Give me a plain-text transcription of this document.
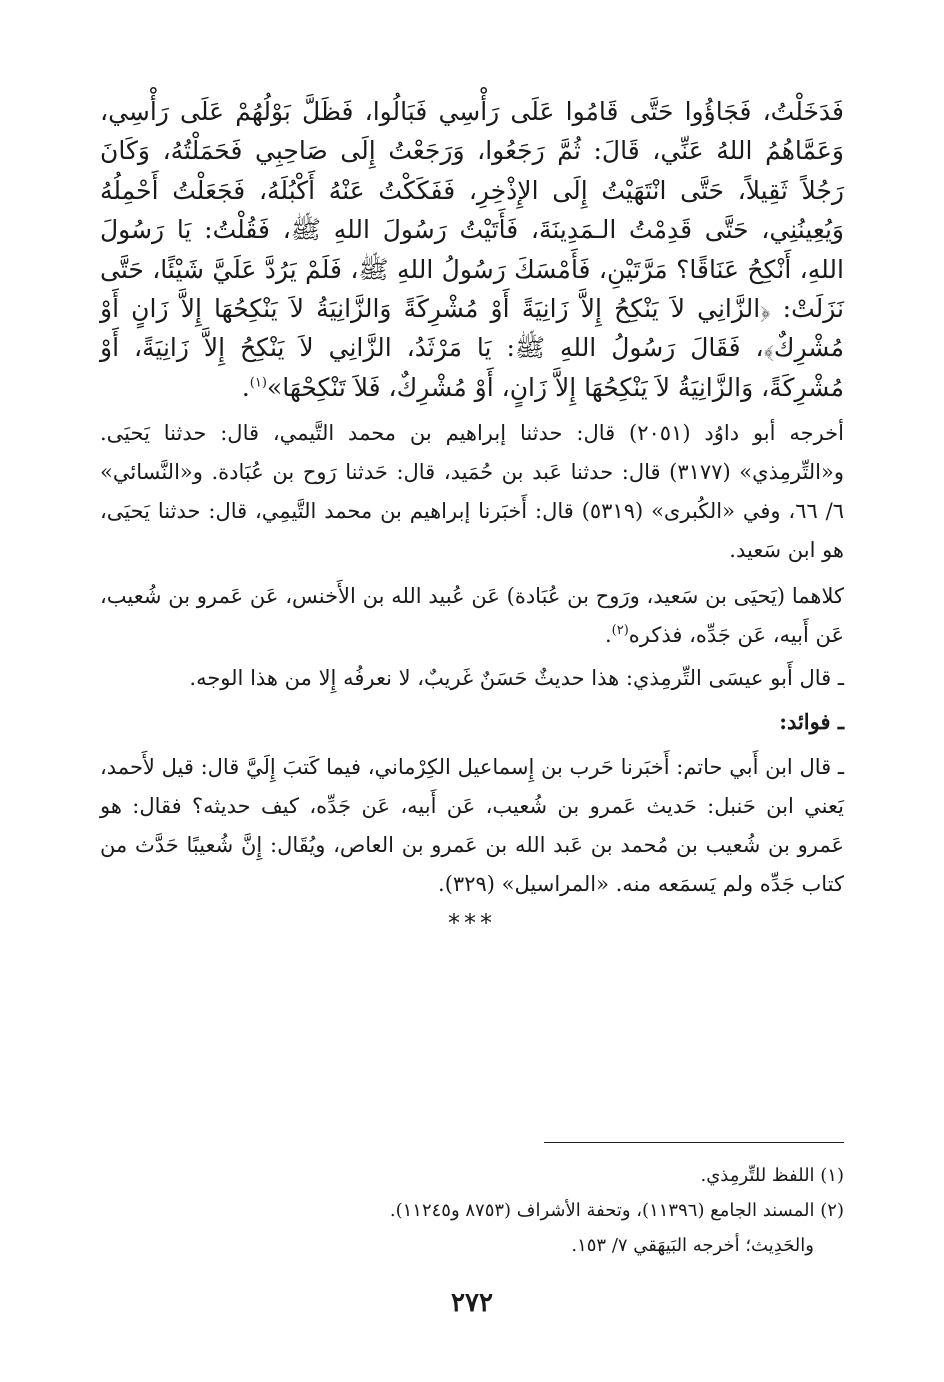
فَدَخَلْتُ، فَجَاؤُوا حَتَّى قَامُوا عَلَى رَأْسِي فَبَالُوا، فَظَلَّ بَوْلُهُمْ عَلَى رَأْسِي، وَعَمَّاهُمُ اللهُ عَنِّي، قَالَ: ثُمَّ رَجَعُوا، وَرَجَعْتُ إِلَى صَاحِبِي فَحَمَلْتُهُ، وَكَانَ رَجُلاً ثَقِيلاً، حَتَّى انْتَهَيْتُ إِلَى الإِذْخِرِ، فَفَكَكْتُ عَنْهُ أَكْبُلَهُ، فَجَعَلْتُ أَحْمِلُهُ وَيُعِينُنِي، حَتَّى قَدِمْتُ الـمَدِينَةَ، فَأَتَيْتُ رَسُولَ اللهِ ﷺ، فَقُلْتُ: يَا رَسُولَ اللهِ، أَنْكِحُ عَنَاقًا؟ مَرَّتَيْنِ، فَأَمْسَكَ رَسُولُ اللهِ ﷺ، فَلَمْ يَرُدَّ عَلَيَّ شَيْئًا، حَتَّى نَزَلَتْ: ﴿الزَّانِي لاَ يَنْكِحُ إِلاَّ زَانِيَةً أَوْ مُشْرِكَةً وَالزَّانِيَةُ لاَ يَنْكِحُهَا إِلاَّ زَانٍ أَوْ مُشْرِكٌ﴾، فَقَالَ رَسُولُ اللهِ ﷺ: يَا مَرْثَدُ، الزَّانِي لاَ يَنْكِحُ إِلاَّ زَانِيَةً، أَوْ مُشْرِكَةً، وَالزَّانِيَةُ لاَ يَنْكِحُهَا إِلاَّ زَانٍ، أَوْ مُشْرِكٌ، فَلاَ تَنْكِحْهَا»$^{(١)}$.

أخرجه أبو داوُد (٢٠٥١) قال: حدثنا إبراهيم بن محمد التَّيمي، قال: حدثنا يَحيَى. و«التِّرمِذي» (٣١٧٧) قال: حدثنا عَبد بن حُمَيد، قال: حَدثنا رَوح بن عُبَادة. و«النَّسائي» ٦/ ٦٦، وفي «الكُبرى» (٥٣١٩) قال: أَخبَرنا إبراهيم بن محمد التَّيمِي، قال: حدثنا يَحيَى، هو ابن سَعيد.

كلاهما (يَحيَى بن سَعيد، ورَوح بن عُبَادة) عَن عُبيد الله بن الأَخنس، عَن عَمرو بن شُعيب، عَن أَبيه، عَن جَدِّه، فذكره$^{(٢)}$.

ـ قال أَبو عيسَى التِّرمِذي: هذا حديثٌ حَسَنٌ غَريبٌ، لا نعرفُه إِلا من هذا الوجه.

ـ فوائد:

ـ قال ابن أَبي حاتم: أَخبَرنا حَرب بن إِسماعيل الكِرْماني، فيما كَتبَ إِلَيَّ قال: قيل لأَحمد، يَعني ابن حَنبل: حَديث عَمرو بن شُعيب، عَن أَبيه، عَن جَدِّه، كيف حديثه؟ فقال: هو عَمرو بن شُعيب بن مُحمد بن عَبد الله بن عَمرو بن العاص، ويُقَال: إِنَّ شُعيبًا حَدَّث من كتاب جَدِّه ولم يَسمَعه منه. «المراسيل» (٣٢٩).

***

(١) اللفظ للتِّرمِذي.

(٢) المسند الجامع (١١٣٩٦)، وتحفة الأشراف (٨٧٥٣ و١١٢٤٥).

والحَدِيث؛ أخرجه البَيهَقي ٧/ ١٥٣.

٢٧٢
